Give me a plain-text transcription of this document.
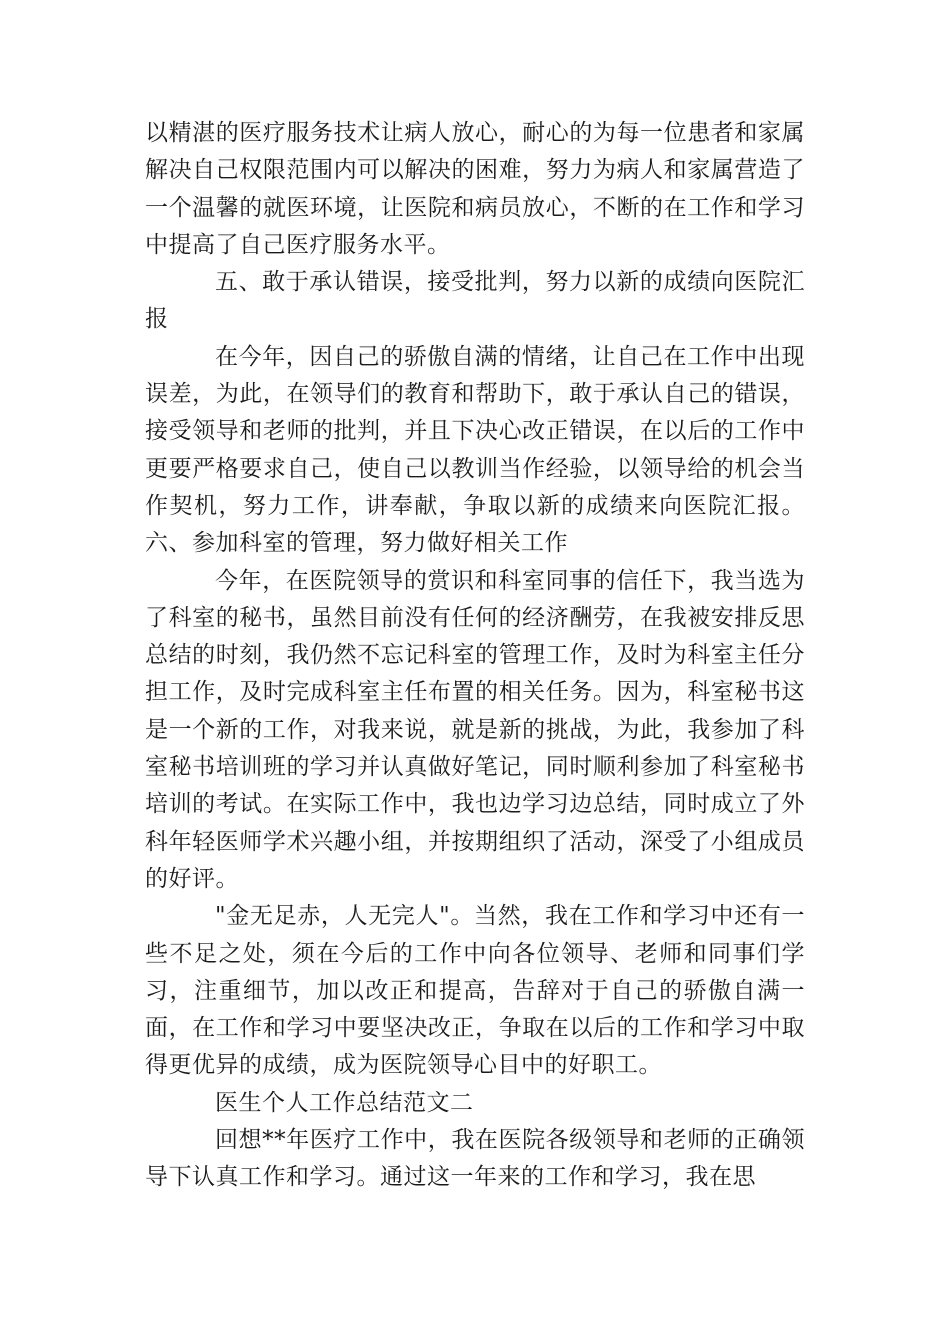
以精湛的医疗服务技术让病人放心，耐心的为每一位患者和家属解决自己权限范围内可以解决的困难，努力为病人和家属营造了一个温馨的就医环境，让医院和病员放心，不断的在工作和学习中提高了自己医疗服务水平。

五、敢于承认错误，接受批判，努力以新的成绩向医院汇报

在今年，因自己的骄傲自满的情绪，让自己在工作中出现误差，为此，在领导们的教育和帮助下，敢于承认自己的错误，接受领导和老师的批判，并且下决心改正错误，在以后的工作中更要严格要求自己，使自己以教训当作经验，以领导给的机会当作契机，努力工作，讲奉献，争取以新的成绩来向医院汇报。 六、参加科室的管理，努力做好相关工作

今年，在医院领导的赏识和科室同事的信任下，我当选为了科室的秘书，虽然目前没有任何的经济酬劳，在我被安排反思总结的时刻，我仍然不忘记科室的管理工作，及时为科室主任分担工作，及时完成科室主任布置的相关任务。因为，科室秘书这是一个新的工作，对我来说，就是新的挑战，为此，我参加了科室秘书培训班的学习并认真做好笔记，同时顺利参加了科室秘书培训的考试。在实际工作中，我也边学习边总结，同时成立了外科年轻医师学术兴趣小组，并按期组织了活动，深受了小组成员的好评。

"金无足赤，人无完人"。当然，我在工作和学习中还有一些不足之处，须在今后的工作中向各位领导、老师和同事们学习，注重细节，加以改正和提高，告辞对于自己的骄傲自满一面，在工作和学习中要坚决改正，争取在以后的工作和学习中取得更优异的成绩，成为医院领导心目中的好职工。

医生个人工作总结范文二

回想**年医疗工作中，我在医院各级领导和老师的正确领导下认真工作和学习。通过这一年来的工作和学习，我在思
